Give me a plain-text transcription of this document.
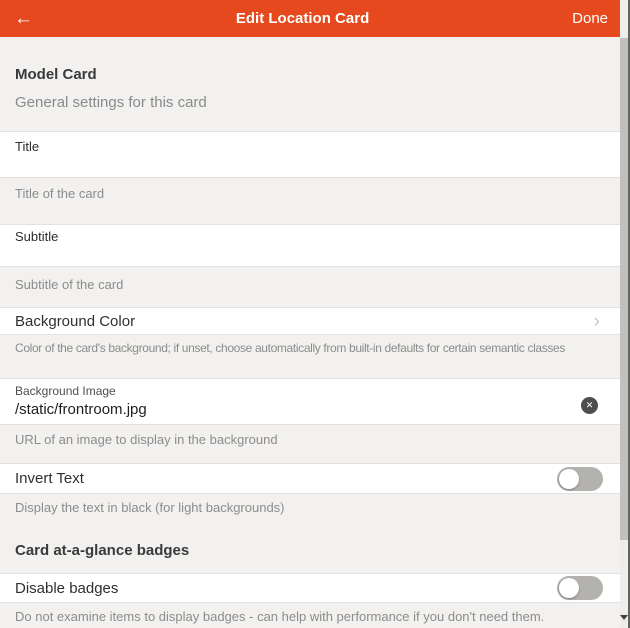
←	Edit Location Card	Done
Model Card
General settings for this card
Title
Title of the card
Subtitle
Subtitle of the card
Background Color	›
Color of the card's background; if unset, choose automatically from built-in defaults for certain semantic classes
Background Image
/static/frontroom.jpg	✕
URL of an image to display in the background
Invert Text
Display the text in black (for light backgrounds)
Card at-a-glance badges
Disable badges
Do not examine items to display badges - can help with performance if you don't need them.
